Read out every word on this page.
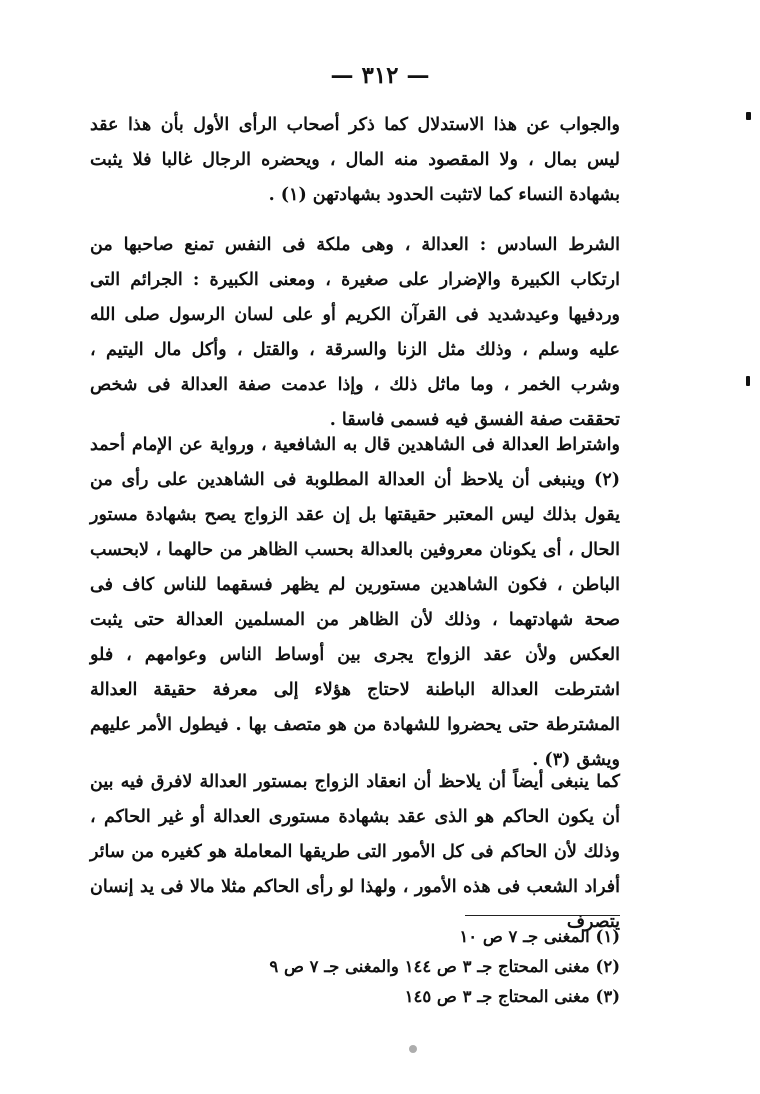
— ٣١٢ —

والجواب عن هذا الاستدلال كما ذكر أصحاب الرأى الأول بأن هذا عقد ليس بمال ، ولا المقصود منه المال ، ويحضره الرجال غالبا فلا يثبت بشهادة النساء كما لاتثبت الحدود بشهادتهن (١) .

الشرط السادس : العدالة ، وهى ملكة فى النفس تمنع صاحبها من ارتكاب الكبيرة والإضرار على صغيرة ، ومعنى الكبيرة : الجرائم التى وردفيها وعيدشديد فى القرآن الكريم أو على لسان الرسول صلى الله عليه وسلم ، وذلك مثل الزنا والسرقة ، والقتل ، وأكل مال اليتيم ، وشرب الخمر ، وما ماثل ذلك ، وإذا عدمت صفة العدالة فى شخص تحققت صفة الفسق فيه فسمى فاسقا .

واشتراط العدالة فى الشاهدين قال به الشافعية ، ورواية عن الإمام أحمد (٢) وينبغى أن يلاحظ أن العدالة المطلوبة فى الشاهدين على رأى من يقول بذلك ليس المعتبر حقيقتها بل إن عقد الزواج يصح بشهادة مستور الحال ، أى يكونان معروفين بالعدالة بحسب الظاهر من حالهما ، لابحسب الباطن ، فكون الشاهدين مستورين لم يظهر فسقهما للناس كاف فى صحة شهادتهما ، وذلك لأن الظاهر من المسلمين العدالة حتى يثبت العكس ولأن عقد الزواج يجرى بين أوساط الناس وعوامهم ، فلو اشترطت العدالة الباطنة لاحتاج هؤلاء إلى معرفة حقيقة العدالة المشترطة حتى يحضروا للشهادة من هو متصف بها . فيطول الأمر عليهم ويشق (٣) .

كما ينبغى أيضاً أن يلاحظ أن انعقاد الزواج بمستور العدالة لافرق فيه بين أن يكون الحاكم هو الذى عقد بشهادة مستورى العدالة أو غير الحاكم ، وذلك لأن الحاكم فى كل الأمور التى طريقها المعاملة هو كغيره من سائر أفراد الشعب فى هذه الأمور ، ولهذا لو رأى الحاكم مثلا مالا فى يد إنسان يتصرف

(١) المغنى جـ ٧ ص ١٠

(٢) مغنى المحتاج جـ ٣ ص ١٤٤ والمغنى جـ ٧ ص ٩

(٣) مغنى المحتاج جـ ٣ ص ١٤٥
